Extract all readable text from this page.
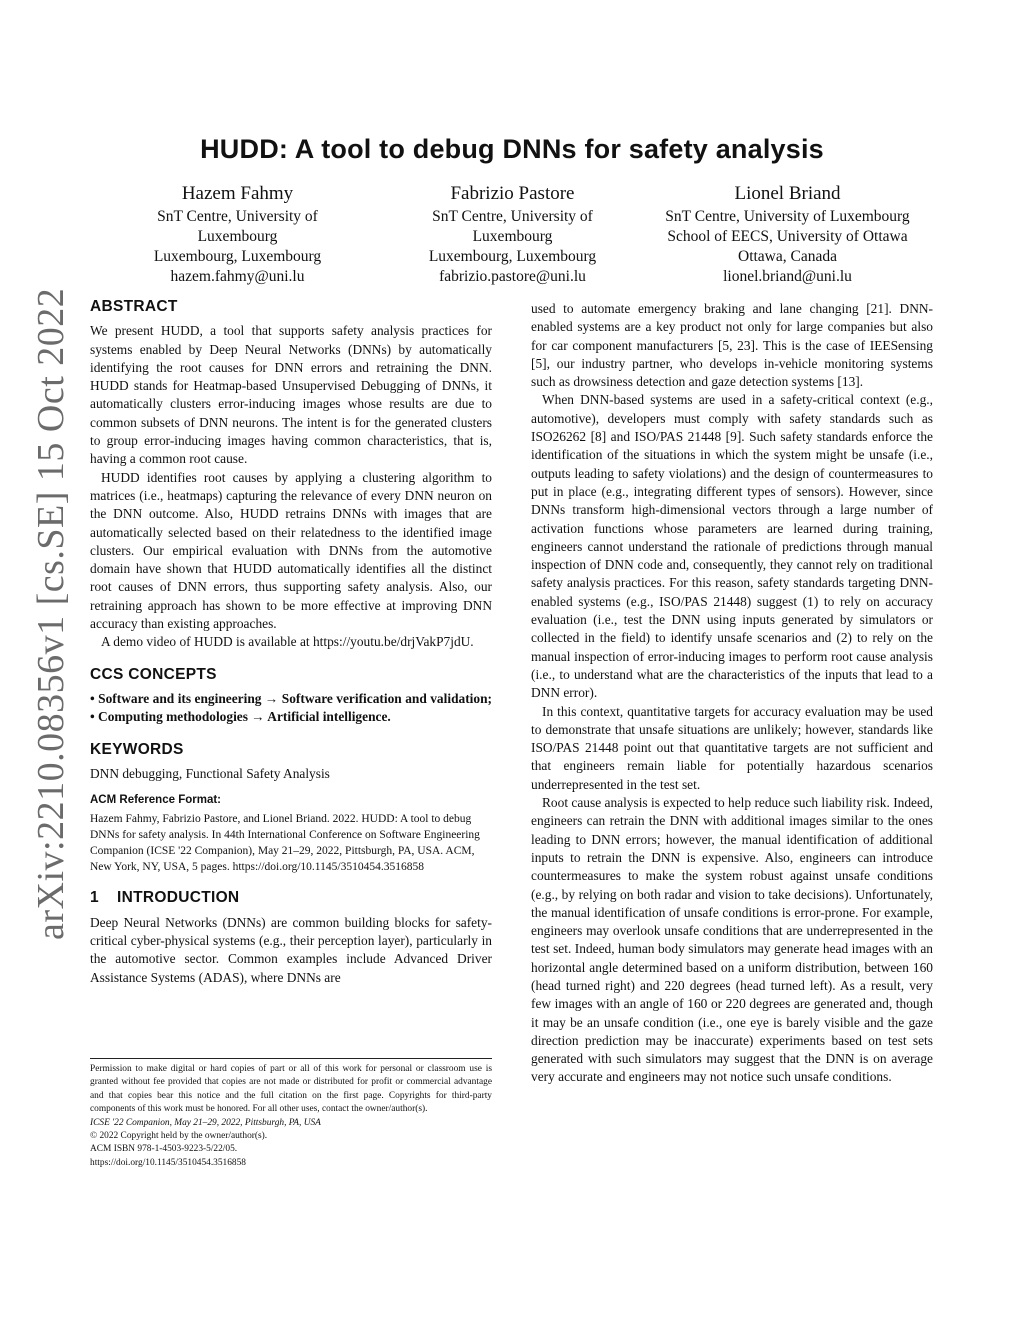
arXiv:2210.08356v1 [cs.SE] 15 Oct 2022
HUDD: A tool to debug DNNs for safety analysis
Hazem Fahmy
SnT Centre, University of
Luxembourg
Luxembourg, Luxembourg
hazem.fahmy@uni.lu
Fabrizio Pastore
SnT Centre, University of
Luxembourg
Luxembourg, Luxembourg
fabrizio.pastore@uni.lu
Lionel Briand
SnT Centre, University of Luxembourg
School of EECS, University of Ottawa
Ottawa, Canada
lionel.briand@uni.lu
ABSTRACT

We present HUDD, a tool that supports safety analysis practices for systems enabled by Deep Neural Networks (DNNs) by automatically identifying the root causes for DNN errors and retraining the DNN. HUDD stands for Heatmap-based Unsupervised Debugging of DNNs, it automatically clusters error-inducing images whose results are due to common subsets of DNN neurons. The intent is for the generated clusters to group error-inducing images having common characteristics, that is, having a common root cause.

HUDD identifies root causes by applying a clustering algorithm to matrices (i.e., heatmaps) capturing the relevance of every DNN neuron on the DNN outcome. Also, HUDD retrains DNNs with images that are automatically selected based on their relatedness to the identified image clusters. Our empirical evaluation with DNNs from the automotive domain have shown that HUDD automatically identifies all the distinct root causes of DNN errors, thus supporting safety analysis. Also, our retraining approach has shown to be more effective at improving DNN accuracy than existing approaches.

A demo video of HUDD is available at https://youtu.be/drjVakP7jdU.

CCS CONCEPTS

• Software and its engineering → Software verification and validation; • Computing methodologies → Artificial intelligence.

KEYWORDS

DNN debugging, Functional Safety Analysis

ACM Reference Format:
Hazem Fahmy, Fabrizio Pastore, and Lionel Briand. 2022. HUDD: A tool to debug DNNs for safety analysis. In 44th International Conference on Software Engineering Companion (ICSE '22 Companion), May 21–29, 2022, Pittsburgh, PA, USA. ACM, New York, NY, USA, 5 pages. https://doi.org/10.1145/3510454.3516858
1 INTRODUCTION

Deep Neural Networks (DNNs) are common building blocks for safety-critical cyber-physical systems (e.g., their perception layer), particularly in the automotive sector. Common examples include Advanced Driver Assistance Systems (ADAS), where DNNs are

Permission to make digital or hard copies of part or all of this work for personal or classroom use is granted without fee provided that copies are not made or distributed for profit or commercial advantage and that copies bear this notice and the full citation on the first page. Copyrights for third-party components of this work must be honored. For all other uses, contact the owner/author(s).

ICSE '22 Companion, May 21–29, 2022, Pittsburgh, PA, USA
© 2022 Copyright held by the owner/author(s).
ACM ISBN 978-1-4503-9223-5/22/05.
https://doi.org/10.1145/3510454.3516858

used to automate emergency braking and lane changing [21]. DNN-enabled systems are a key product not only for large companies but also for car component manufacturers [5, 23]. This is the case of IEESensing [5], our industry partner, who develops in-vehicle monitoring systems such as drowsiness detection and gaze detection systems [13].

When DNN-based systems are used in a safety-critical context (e.g., automotive), developers must comply with safety standards such as ISO26262 [8] and ISO/PAS 21448 [9]. Such safety standards enforce the identification of the situations in which the system might be unsafe (i.e., outputs leading to safety violations) and the design of countermeasures to put in place (e.g., integrating different types of sensors). However, since DNNs transform high-dimensional vectors through a large number of activation functions whose parameters are learned during training, engineers cannot understand the rationale of predictions through manual inspection of DNN code and, consequently, they cannot rely on traditional safety analysis practices. For this reason, safety standards targeting DNN-enabled systems (e.g., ISO/PAS 21448) suggest (1) to rely on accuracy evaluation (i.e., test the DNN using inputs generated by simulators or collected in the field) to identify unsafe scenarios and (2) to rely on the manual inspection of error-inducing images to perform root cause analysis (i.e., to understand what are the characteristics of the inputs that lead to a DNN error).

In this context, quantitative targets for accuracy evaluation may be used to demonstrate that unsafe situations are unlikely; however, standards like ISO/PAS 21448 point out that quantitative targets are not sufficient and that engineers remain liable for potentially hazardous scenarios underrepresented in the test set.

Root cause analysis is expected to help reduce such liability risk. Indeed, engineers can retrain the DNN with additional images similar to the ones leading to DNN errors; however, the manual identification of additional inputs to retrain the DNN is expensive. Also, engineers can introduce countermeasures to make the system robust against unsafe conditions (e.g., by relying on both radar and vision to take decisions). Unfortunately, the manual identification of unsafe conditions is error-prone. For example, engineers may overlook unsafe conditions that are underrepresented in the test set. Indeed, human body simulators may generate head images with an horizontal angle determined based on a uniform distribution, between 160 (head turned right) and 220 degrees (head turned left). As a result, very few images with an angle of 160 or 220 degrees are generated and, though it may be an unsafe condition (i.e., one eye is barely visible and the gaze direction prediction may be inaccurate) experiments based on test sets generated with such simulators may suggest that the DNN is on average very accurate and engineers may not notice such unsafe conditions.
